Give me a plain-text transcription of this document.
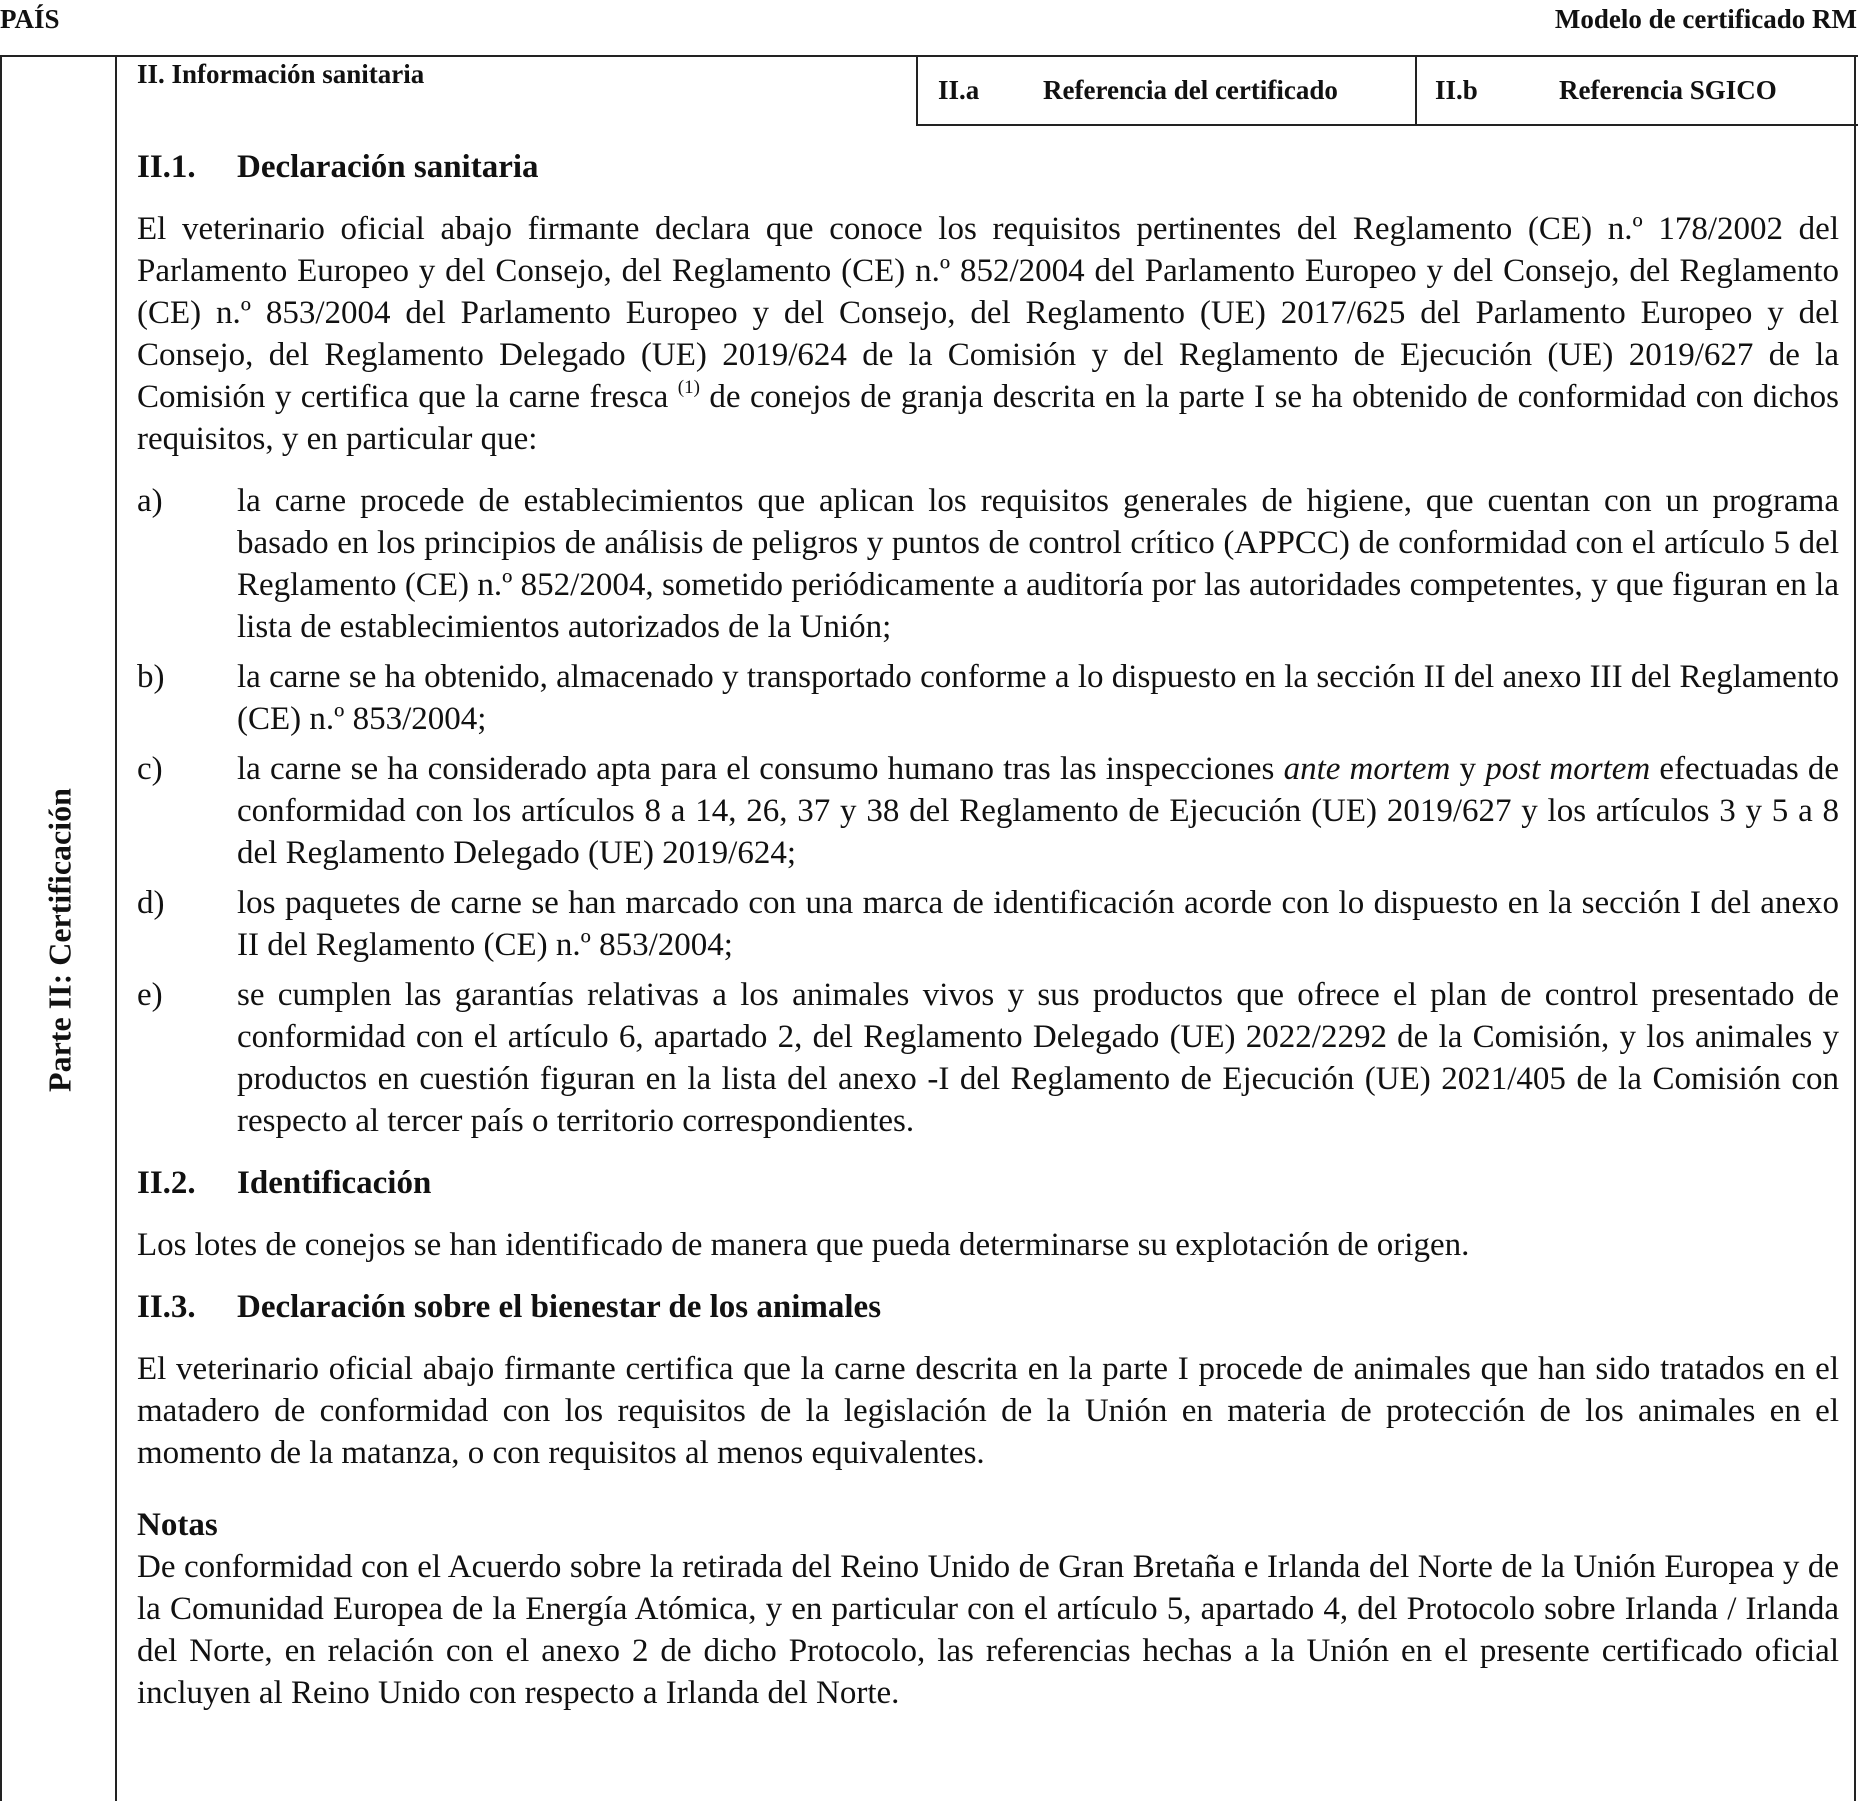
PAÍS	Modelo de certificado RM
Parte II: Certificación
II. Información sanitaria
II.a Referencia del certificado	II.b	Referencia SGICO
II.1.	Declaración sanitaria

El veterinario oficial abajo firmante declara que conoce los requisitos pertinentes del Reglamento (CE) n.º 178/2002 del Parlamento Europeo y del Consejo, del Reglamento (CE) n.º 852/2004 del Parlamento Europeo y del Consejo, del Reglamento (CE) n.º 853/2004 del Parlamento Europeo y del Consejo, del Reglamento (UE) 2017/625 del Parlamento Europeo y del Consejo, del Reglamento Delegado (UE) 2019/624 de la Comisión y del Reglamento de Ejecución (UE) 2019/627 de la Comisión y certifica que la carne fresca $^{(1)}$ de conejos de granja descrita en la parte I se ha obtenido de conformidad con dichos requisitos, y en particular que:

a)	la carne procede de establecimientos que aplican los requisitos generales de higiene, que cuentan con un programa basado en los principios de análisis de peligros y puntos de control crítico (APPCC) de conformidad con el artículo 5 del Reglamento (CE) n.º 852/2004, sometido periódicamente a auditoría por las autoridades competentes, y que figuran en la lista de establecimientos autorizados de la Unión;
b)	la carne se ha obtenido, almacenado y transportado conforme a lo dispuesto en la sección II del anexo III del Reglamento (CE) n.º 853/2004;
c)	la carne se ha considerado apta para el consumo humano tras las inspecciones ante mortem y post mortem efectuadas de conformidad con los artículos 8 a 14, 26, 37 y 38 del Reglamento de Ejecución (UE) 2019/627 y los artículos 3 y 5 a 8 del Reglamento Delegado (UE) 2019/624;
d)	los paquetes de carne se han marcado con una marca de identificación acorde con lo dispuesto en la sección I del anexo II del Reglamento (CE) n.º 853/2004;
e)	se cumplen las garantías relativas a los animales vivos y sus productos que ofrece el plan de control presentado de conformidad con el artículo 6, apartado 2, del Reglamento Delegado (UE) 2022/2292 de la Comisión, y los animales y productos en cuestión figuran en la lista del anexo -I del Reglamento de Ejecución (UE) 2021/405 de la Comisión con respecto al tercer país o territorio correspondientes.
II.2.	Identificación

Los lotes de conejos se han identificado de manera que pueda determinarse su explotación de origen.

II.3.	Declaración sobre el bienestar de los animales

El veterinario oficial abajo firmante certifica que la carne descrita en la parte I procede de animales que han sido tratados en el matadero de conformidad con los requisitos de la legislación de la Unión en materia de protección de los animales en el momento de la matanza, o con requisitos al menos equivalentes.

Notas

De conformidad con el Acuerdo sobre la retirada del Reino Unido de Gran Bretaña e Irlanda del Norte de la Unión Europea y de la Comunidad Europea de la Energía Atómica, y en particular con el artículo 5, apartado 4, del Protocolo sobre Irlanda / Irlanda del Norte, en relación con el anexo 2 de dicho Protocolo, las referencias hechas a la Unión en el presente certificado oficial incluyen al Reino Unido con respecto a Irlanda del Norte.
